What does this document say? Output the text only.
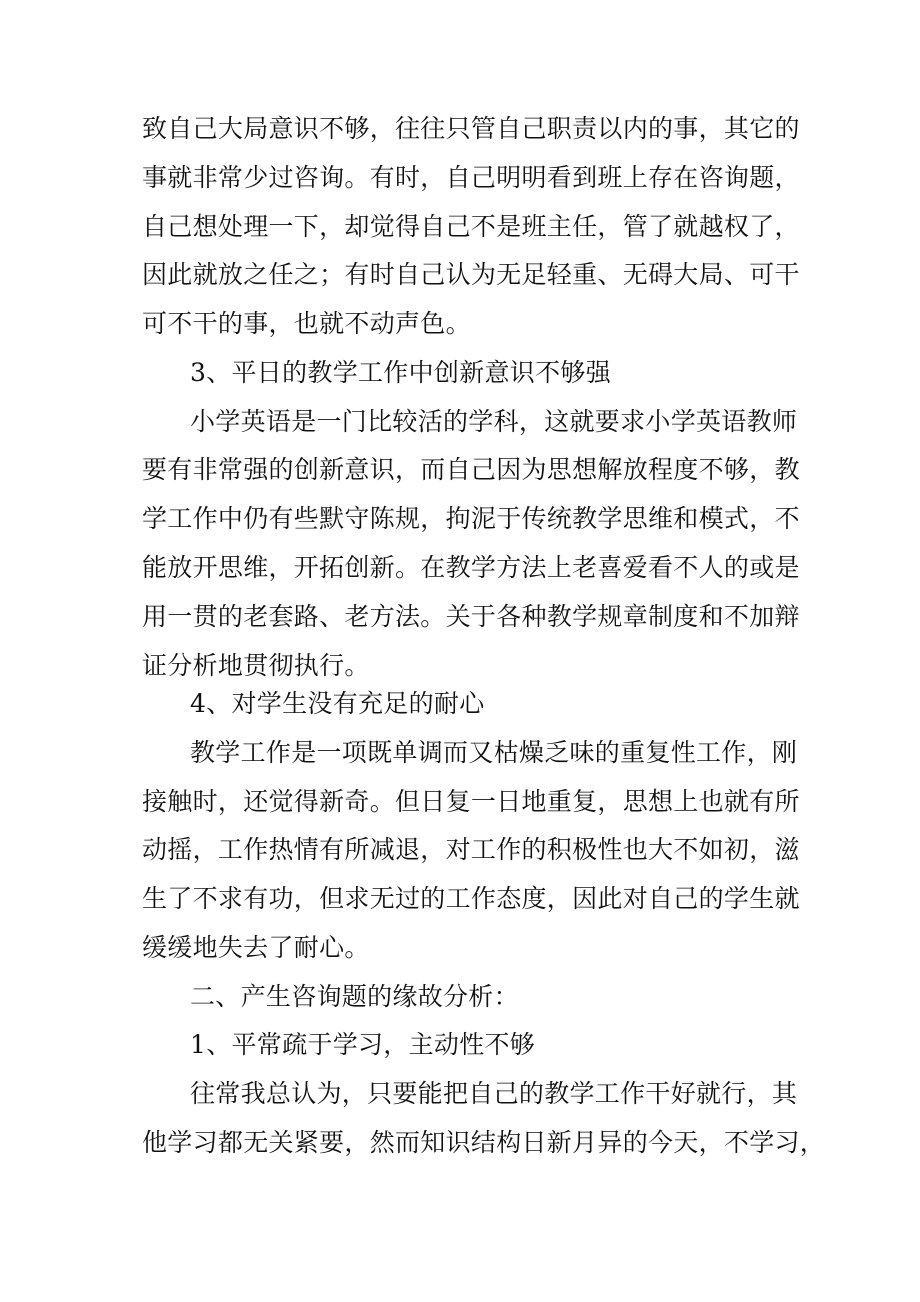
致自己大局意识不够，往往只管自己职责以内的事，其它的
事就非常少过咨询。有时，自己明明看到班上存在咨询题，
自己想处理一下，却觉得自己不是班主任，管了就越权了，
因此就放之任之；有时自己认为无足轻重、无碍大局、可干
可不干的事，也就不动声色。
3、平日的教学工作中创新意识不够强
小学英语是一门比较活的学科，这就要求小学英语教师
要有非常强的创新意识，而自己因为思想解放程度不够，教
学工作中仍有些默守陈规，拘泥于传统教学思维和模式，不
能放开思维，开拓创新。在教学方法上老喜爱看不人的或是
用一贯的老套路、老方法。关于各种教学规章制度和不加辩
证分析地贯彻执行。
4、对学生没有充足的耐心
教学工作是一项既单调而又枯燥乏味的重复性工作，刚
接触时，还觉得新奇。但日复一日地重复，思想上也就有所
动摇，工作热情有所减退，对工作的积极性也大不如初，滋
生了不求有功，但求无过的工作态度，因此对自己的学生就
缓缓地失去了耐心。
二、产生咨询题的缘故分析：
1、平常疏于学习，主动性不够
往常我总认为，只要能把自己的教学工作干好就行，其
他学习都无关紧要，然而知识结构日新月异的今天，不学习，
